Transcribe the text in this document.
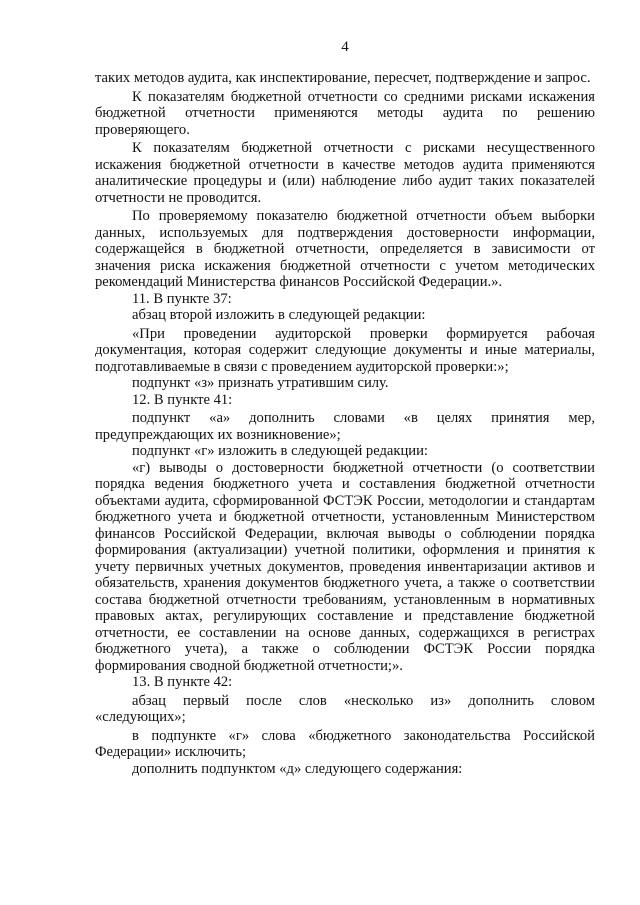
4

таких методов аудита, как инспектирование, пересчет, подтверждение и запрос.

К показателям бюджетной отчетности со средними рисками искажения бюджетной отчетности применяются методы аудита по решению проверяющего.

К показателям бюджетной отчетности с рисками несущественного искажения бюджетной отчетности в качестве методов аудита применяются аналитические процедуры и (или) наблюдение либо аудит таких показателей отчетности не проводится.

По проверяемому показателю бюджетной отчетности объем выборки данных, используемых для подтверждения достоверности информации, содержащейся в бюджетной отчетности, определяется в зависимости от значения риска искажения бюджетной отчетности с учетом методических рекомендаций Министерства финансов Российской Федерации.».

11. В пункте 37:

абзац второй изложить в следующей редакции:

«При проведении аудиторской проверки формируется рабочая документация, которая содержит следующие документы и иные материалы, подготавливаемые в связи с проведением аудиторской проверки:»;

подпункт «з» признать утратившим силу.

12. В пункте 41:

подпункт «а» дополнить словами «в целях принятия мер, предупреждающих их возникновение»;

подпункт «г» изложить в следующей редакции:

«г) выводы о достоверности бюджетной отчетности (о соответствии порядка ведения бюджетного учета и составления бюджетной отчетности объектами аудита, сформированной ФСТЭК России, методологии и стандартам бюджетного учета и бюджетной отчетности, установленным Министерством финансов Российской Федерации, включая выводы о соблюдении порядка формирования (актуализации) учетной политики, оформления и принятия к учету первичных учетных документов, проведения инвентаризации активов и обязательств, хранения документов бюджетного учета, а также о соответствии состава бюджетной отчетности требованиям, установленным в нормативных правовых актах, регулирующих составление и представление бюджетной отчетности, ее составлении на основе данных, содержащихся в регистрах бюджетного учета), а также о соблюдении ФСТЭК России порядка формирования сводной бюджетной отчетности;».

13. В пункте 42:

абзац первый после слов «несколько из» дополнить словом «следующих»;

в подпункте «г» слова «бюджетного законодательства Российской Федерации» исключить;

дополнить подпунктом «д» следующего содержания:
